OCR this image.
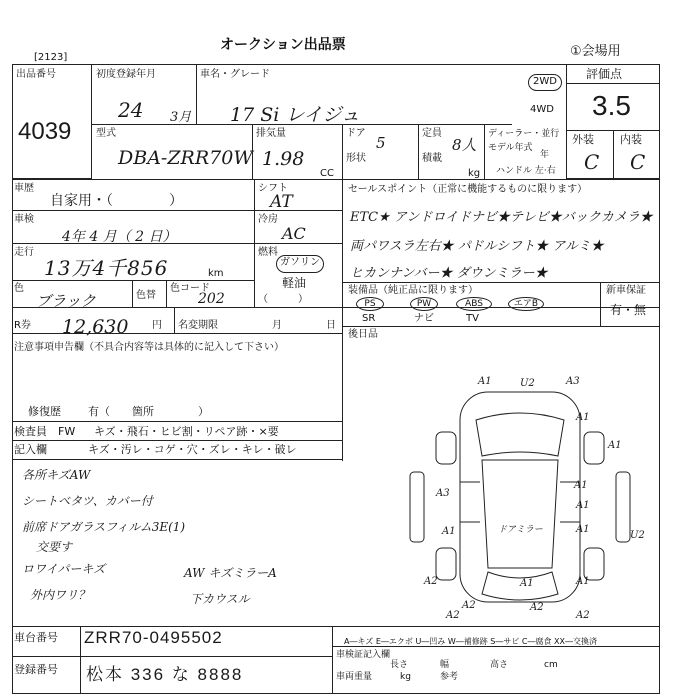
[2123]
オークション出品票	①会場用
出品番号
4039
初度登録年月
24 3月
車名・グレード
17 Si レイジュ
2WD
4WD
評価点
3.5
外装 内装
C C
型式
DBA-ZRR70W
排気量
1.98
CC
ドア
5
形状
定員
8人
積載
kg
ディーラー・並行
モデル年式
年
ハンドル 左·右
車歴
自家用・（　　　　）
シフト
AT
車検
4年 4 月（ 2 日）
冷房
AC
走行
13万4千856	km
燃料
ガソリン
軽油
（　　　）
色
ブラック	色替
色コード
202
R券 12,630 円 名変期限	月	日
セールスポイント（正常に機能するものに限ります）
ETC★ アンドロイドナビ★テレビ★バックカメラ★
両パワスラ左右★ パドルシフト★ アルミ★
ヒカンナンバー★ ダウンミラー★
装備品（純正品に限ります）
PS	PW	ABS	エアB
SR	ナビ	TV
新車保証
有・無
後日品
注意事項申告欄（不具合内容等は具体的に記入して下さい）
修復歴 有（　　箇所　　　　）
検査員 FW キズ・飛石・ヒビ割・リペア跡・×要
記入欄	キズ・汚レ・コゲ・穴・ズレ・キレ・破レ
各所キズAW
シートベタツ、カバー付
前席ドアガラスフィルム3E(1)
交要す
ロワイパーキズ
外内ワリ？
AW キズミラーA
下カウスル
A1	U2	A3
A1
A1
A1
A3
A1
A2	A1
A1
A2
A1
A1
A2
A2	A2
U2
ドアミラー
車台番号 ZRR70-0495502
登録番号 松本 336 な 8888
A―キズ E―エクボ U―凹み W―補修跡 S―サビ C―腐食 XX―交換済
車検証記入欄
長さ	幅	高さ	cm
車両重量	kg	参考
